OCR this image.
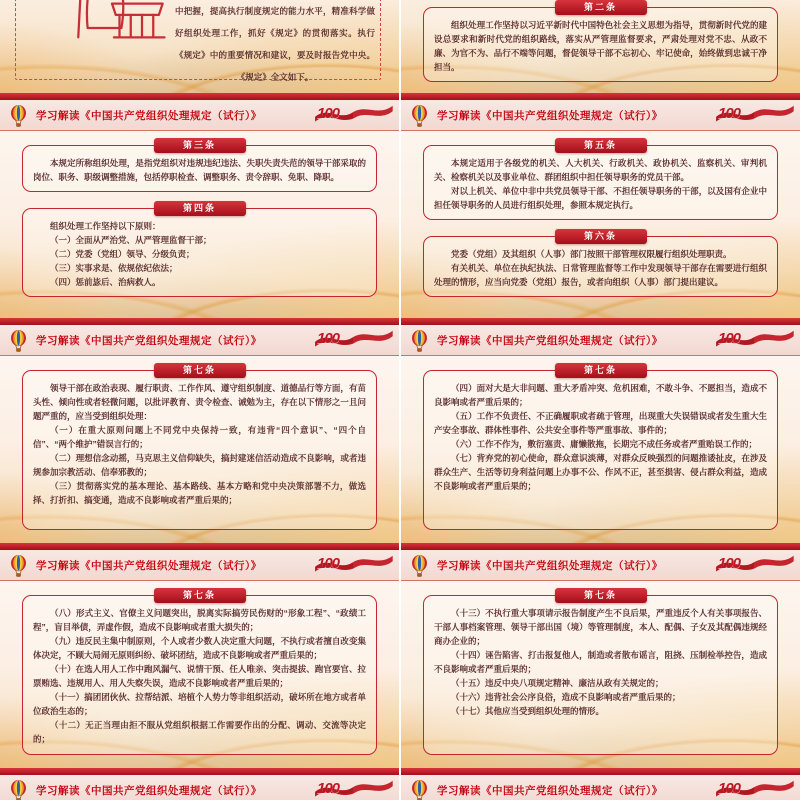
中把握，提高执行制度规定的能力水平，精准科学做好组织处理工作，抓好《规定》的贯彻落实。执行《规定》中的重要情况和建议，要及时报告党中央。《规定》全文如下。
第二条

组织处理工作坚持以习近平新时代中国特色社会主义思想为指导，贯彻新时代党的建设总要求和新时代党的组织路线，落实从严管理监督要求，严肃处理对党不忠、从政不廉、为官不为、品行不端等问题，督促领导干部不忘初心、牢记使命，始终做到忠诚干净担当。

学习解读《中国共产党组织处理规定（试行）》	100
第三条

本规定所称组织处理，是指党组织对违规违纪违法、失职失责失范的领导干部采取的岗位、职务、职级调整措施，包括停职检查、调整职务、责令辞职、免职、降职。

第四条

组织处理工作坚持以下原则：

（一）全面从严治党、从严管理监督干部；

（二）党委（党组）领导、分级负责；

（三）实事求是、依规依纪依法；

（四）惩前毖后、治病救人。

学习解读《中国共产党组织处理规定（试行）》	100
第五条

本规定适用于各级党的机关、人大机关、行政机关、政协机关、监察机关、审判机关、检察机关以及事业单位、群团组织中担任领导职务的党员干部。

对以上机关、单位中非中共党员领导干部、不担任领导职务的干部，以及国有企业中担任领导职务的人员进行组织处理，参照本规定执行。

第六条

党委（党组）及其组织（人事）部门按照干部管理权限履行组织处理职责。

有关机关、单位在执纪执法、日常管理监督等工作中发现领导干部存在需要进行组织处理的情形，应当向党委（党组）报告，或者向组织（人事）部门提出建议。

学习解读《中国共产党组织处理规定（试行）》	100
第七条

领导干部在政治表现、履行职责、工作作风、遵守组织制度、道德品行等方面，有苗头性、倾向性或者轻微问题，以批评教育、责令检查、诫勉为主，存在以下情形之一且问题严重的，应当受到组织处理：

（一）在重大原则问题上不同党中央保持一致，有违背“四个意识”、“四个自信”、“两个维护”错误言行的；

（二）理想信念动摇，马克思主义信仰缺失，搞封建迷信活动造成不良影响，或者违规参加宗教活动、信奉邪教的；

（三）贯彻落实党的基本理论、基本路线、基本方略和党中央决策部署不力，做选择、打折扣、搞变通，造成不良影响或者严重后果的；

学习解读《中国共产党组织处理规定（试行）》	100
第七条

（四）面对大是大非问题、重大矛盾冲突、危机困难，不敢斗争、不愿担当，造成不良影响或者严重后果的；

（五）工作不负责任、不正确履职或者疏于管理，出现重大失误错误或者发生重大生产安全事故、群体性事件、公共安全事件等严重事故、事件的；

（六）工作不作为，敷衍塞责、庸懒散拖，长期完不成任务或者严重贻误工作的；

（七）背弃党的初心使命，群众意识淡薄，对群众反映强烈的问题推诿扯皮，在涉及群众生产、生活等切身利益问题上办事不公、作风不正，甚至损害、侵占群众利益，造成不良影响或者严重后果的；

学习解读《中国共产党组织处理规定（试行）》	100
第七条

（八）形式主义、官僚主义问题突出，脱离实际搞劳民伤财的“形象工程”、“政绩工程”，盲目举债，弄虚作假，造成不良影响或者重大损失的；

（九）违反民主集中制原则，个人或者少数人决定重大问题，不执行或者擅自改变集体决定，不顾大局闹无原则纠纷、破坏团结，造成不良影响或者严重后果的；

（十）在选人用人工作中跑风漏气、说情干预、任人唯亲、突击提拔、跑官要官、拉票贿选、违规用人、用人失察失误，造成不良影响或者严重后果的；

（十一）搞团团伙伙、拉帮结派、培植个人势力等非组织活动，破坏所在地方或者单位政治生态的；

（十二）无正当理由拒不服从党组织根据工作需要作出的分配、调动、交流等决定的；

学习解读《中国共产党组织处理规定（试行）》	100
第七条

（十三）不执行重大事项请示报告制度产生不良后果，严重违反个人有关事项报告、干部人事档案管理、领导干部出国（境）等管理制度，本人、配偶、子女及其配偶违规经商办企业的；

（十四）诬告陷害、打击报复他人，制造或者散布谣言，阻挠、压制检举控告，造成不良影响或者严重后果的；

（十五）违反中央八项规定精神、廉洁从政有关规定的；

（十六）违背社会公序良俗，造成不良影响或者严重后果的；

（十七）其他应当受到组织处理的情形。

学习解读《中国共产党组织处理规定（试行）》	100	学习解读《中国共产党组织处理规定（试行）》	100
